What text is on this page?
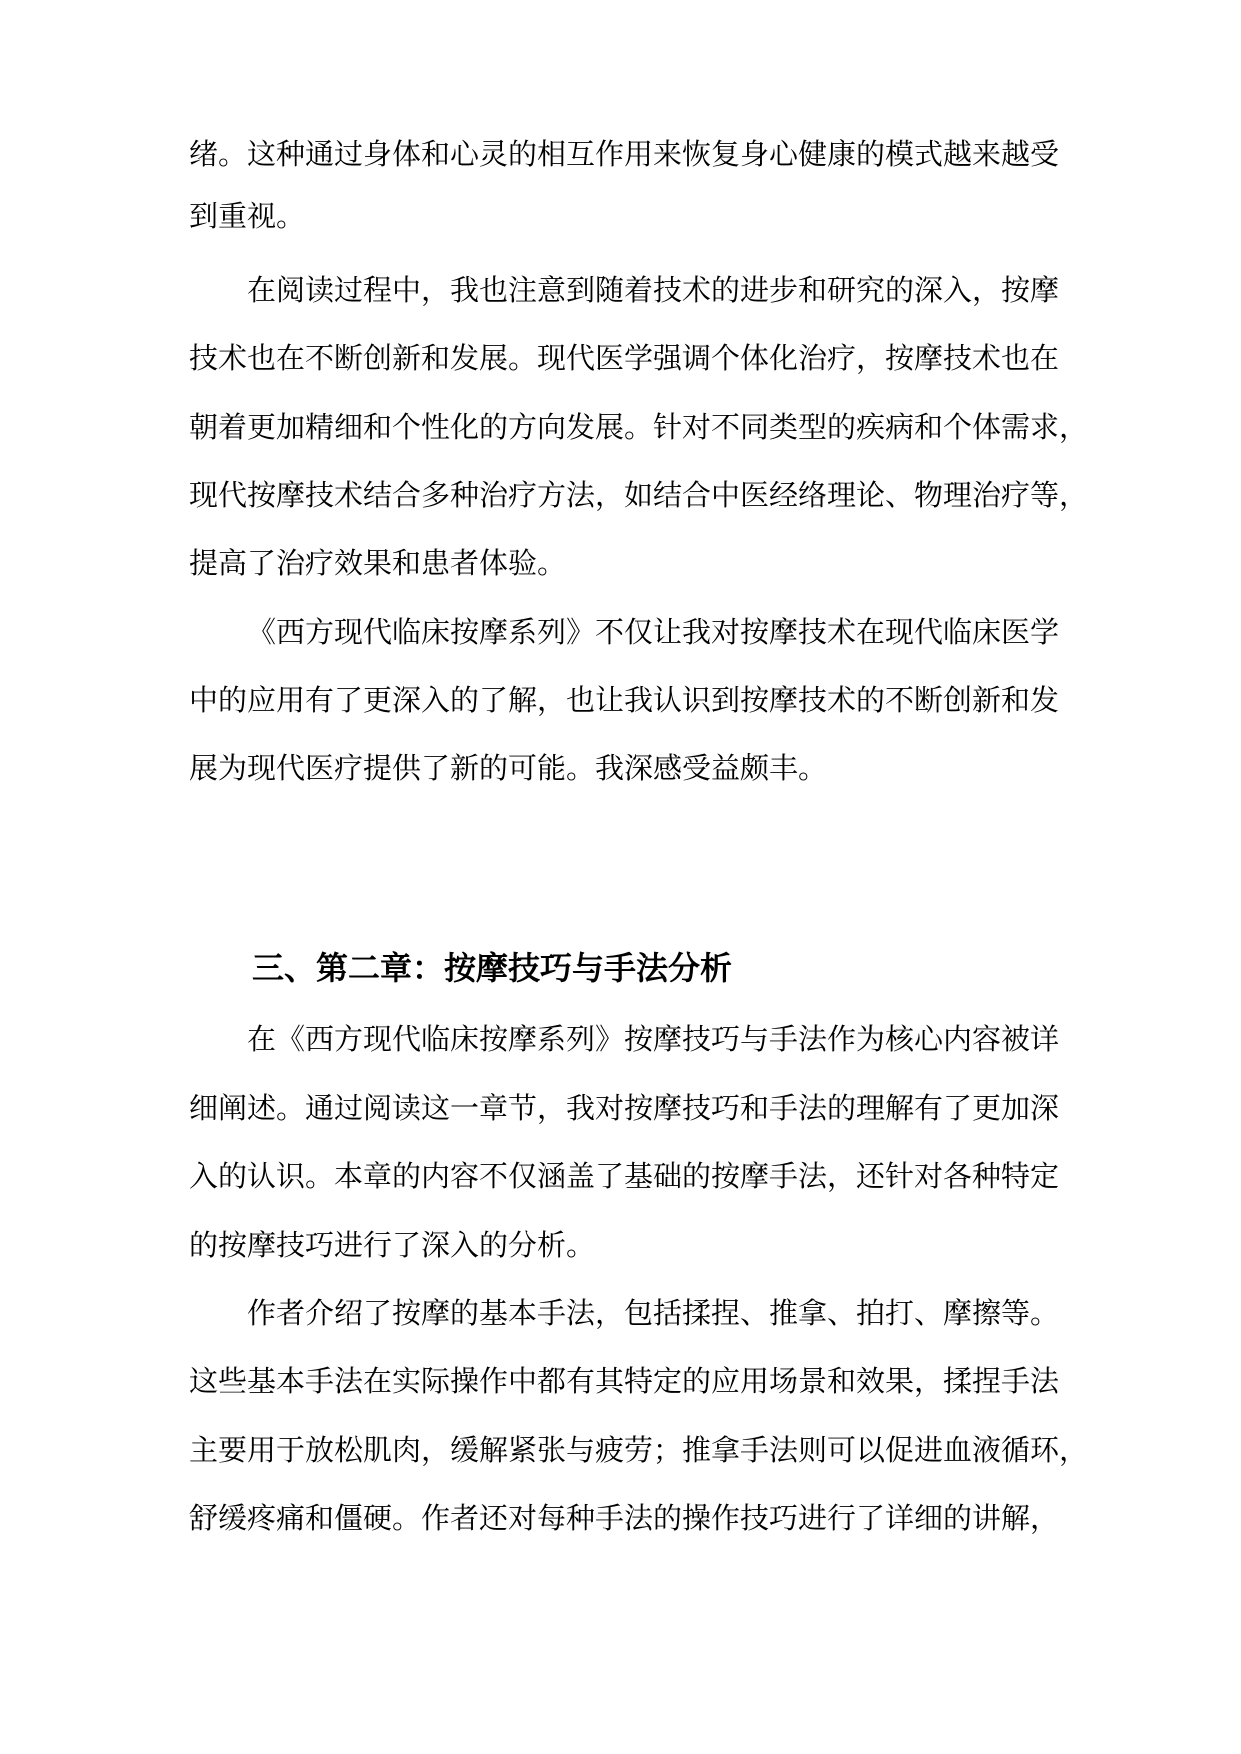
绪。这种通过身体和心灵的相互作用来恢复身心健康的模式越来越受
到重视。
在阅读过程中，我也注意到随着技术的进步和研究的深入，按摩
技术也在不断创新和发展。现代医学强调个体化治疗，按摩技术也在
朝着更加精细和个性化的方向发展。针对不同类型的疾病和个体需求，
现代按摩技术结合多种治疗方法，如结合中医经络理论、物理治疗等，
提高了治疗效果和患者体验。
《西方现代临床按摩系列》不仅让我对按摩技术在现代临床医学
中的应用有了更深入的了解，也让我认识到按摩技术的不断创新和发
展为现代医疗提供了新的可能。我深感受益颇丰。
三、第二章：按摩技巧与手法分析
在《西方现代临床按摩系列》按摩技巧与手法作为核心内容被详
细阐述。通过阅读这一章节，我对按摩技巧和手法的理解有了更加深
入的认识。本章的内容不仅涵盖了基础的按摩手法，还针对各种特定
的按摩技巧进行了深入的分析。
作者介绍了按摩的基本手法，包括揉捏、推拿、拍打、摩擦等。
这些基本手法在实际操作中都有其特定的应用场景和效果，揉捏手法
主要用于放松肌肉，缓解紧张与疲劳；推拿手法则可以促进血液循环，
舒缓疼痛和僵硬。作者还对每种手法的操作技巧进行了详细的讲解，
